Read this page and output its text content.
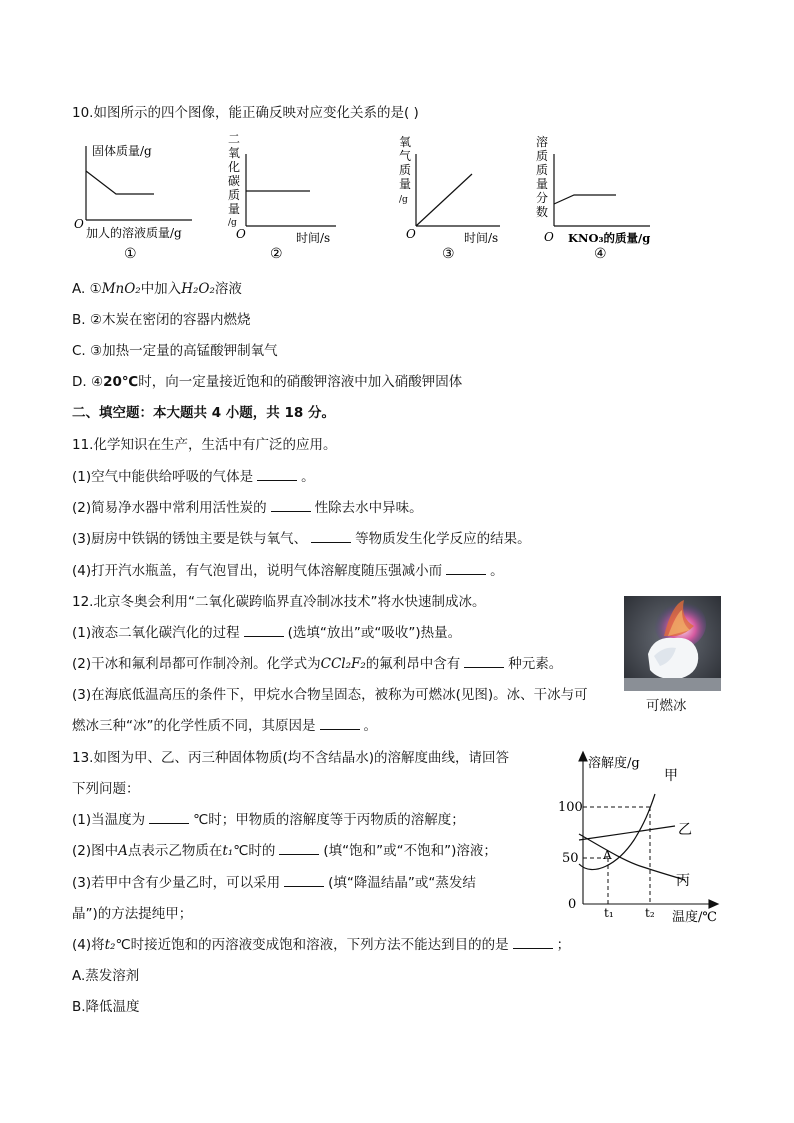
10.如图所示的四个图像，能正确反映对应变化关系的是( )
固体质量/g
O
加人的溶液质量/g
①
二
氧
化
碳
质
量
/g
O	时间/s
②
氧
气
质
量
/g
O	时间/s
③
溶
质
质
量
分
数
O KNO₃的质量/g
④
A. ①MnO₂中加入H₂O₂溶液
B. ②木炭在密闭的容器内燃烧
C. ③加热一定量的高锰酸钾制氧气
D. ④20℃时，向一定量接近饱和的硝酸钾溶液中加入硝酸钾固体
二、填空题：本大题共 4 小题，共 18 分。
11.化学知识在生产，生活中有广泛的应用。
(1)空气中能供给呼吸的气体是	。
(2)简易净水器中常利用活性炭的	性除去水中异味。
(3)厨房中铁锅的锈蚀主要是铁与氧气、	等物质发生化学反应的结果。
(4)打开汽水瓶盖，有气泡冒出，说明气体溶解度随压强减小而	。
12.北京冬奥会利用“二氧化碳跨临界直冷制冰技术”将水快速制成冰。
(1)液态二氧化碳汽化的过程	(选填“放出”或“吸收”)热量。
(2)干冰和氟利昂都可作制冷剂。化学式为CCl₂F₂的氟利昂中含有	种元素。
(3)在海底低温高压的条件下，甲烷水合物呈固态，被称为可燃冰(见图)。冰、干冰与可
燃冰三种“冰”的化学性质不同，其原因是	。
可燃冰
13.如图为甲、乙、丙三种固体物质(均不含结晶水)的溶解度曲线，请回答
下列问题：
(1)当温度为	℃时；甲物质的溶解度等于丙物质的溶解度；
(2)图中A点表示乙物质在t₁℃时的	(填“饱和”或“不饱和”)溶液；
(3)若甲中含有少量乙时，可以采用	(填“降温结晶”或“蒸发结
晶”)的方法提纯甲；
(4)将t₂℃时接近饱和的丙溶液变成饱和溶液，下列方法不能达到目的的是	；
A.蒸发溶剂
B.降低温度
100
50
0
t₁	t₂
溶解度/g
温度/℃
甲
乙
丙
A
